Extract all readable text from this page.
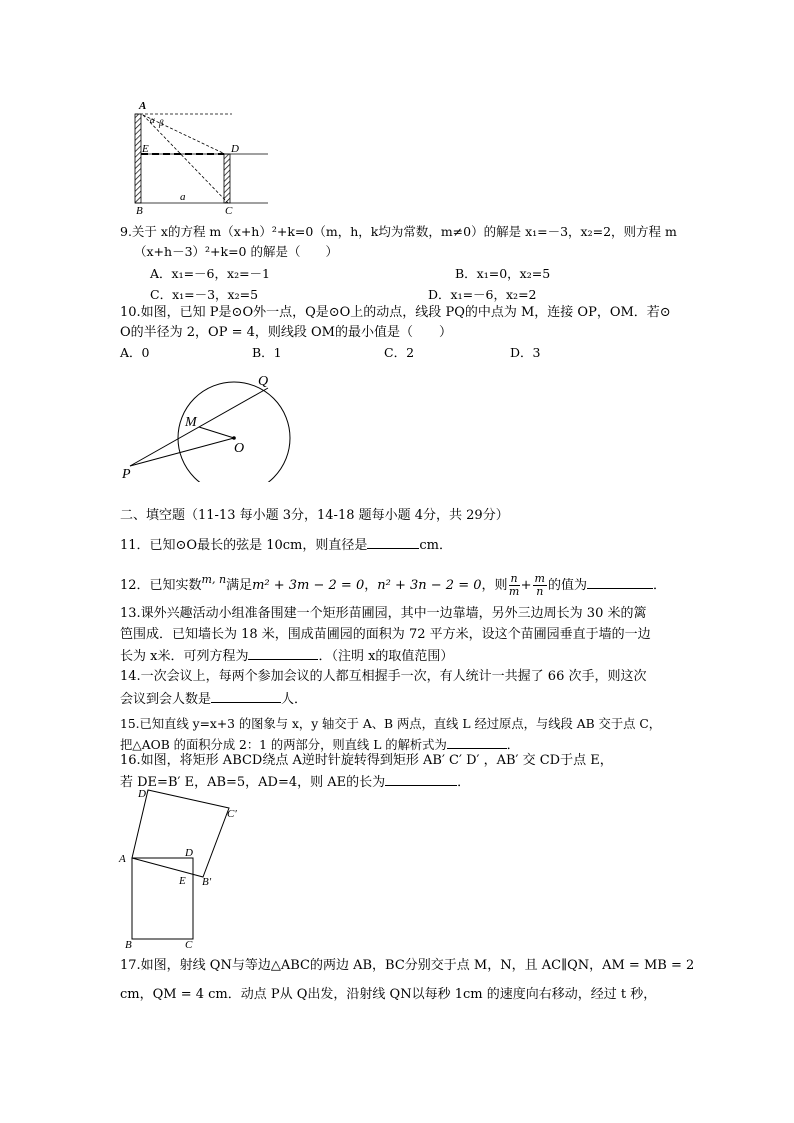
A
α β
E	D
a
B	C
9.关于 x的方程 m（x+h）²+k=0（m，h，k均为常数，m≠0）的解是 x₁=－3，x₂=2，则方程 m
（x+h－3）²+k=0 的解是（　　）
A．x₁=－6，x₂=－1	B．x₁=0，x₂=5
C．x₁=－3，x₂=5	D．x₁=－6，x₂=2
10.如图，已知 P是⊙O外一点，Q是⊙O上的动点，线段 PQ的中点为 M，连接 OP，OM．若⊙
O的半径为 2，OP = 4，则线段 OM的最小值是（　　）
A．0	B．1	C．2	D．3
Q
M
O
P
二、填空题（11-13 每小题 3分，14-18 题每小题 4分，共 29分）
11．已知⊙O最长的弦是 10cm，则直径是	cm．
12．已知实数$^{m, n}$满足m² + 3m − 2 = 0，n² + 3n − 2 = 0，则 $\frac{n}{m} + \frac{m}{n}$ 的值为	．
13.课外兴趣活动小组准备围建一个矩形苗圃园，其中一边靠墙，另外三边周长为 30 米的篱
笆围成．已知墙长为 18 米，围成苗圃园的面积为 72 平方米，设这个苗圃园垂直于墙的一边
长为 x米．可列方程为	．（注明 x的取值范围）
14.一次会议上，每两个参加会议的人都互相握手一次，有人统计一共握了 66 次手，则这次
会议到会人数是	人．
15.已知直线 y=x+3 的图象与 x，y 轴交于 A、B 两点，直线 L 经过原点，与线段 AB 交于点 C，
把△AOB 的面积分成 2：1 的两部分，则直线 L 的解析式为	．
16.如图，将矩形 ABCD绕点 A逆时针旋转得到矩形 AB′ C′ D′ ，AB′ 交 CD于点 E，
若 DE=B′ E，AB=5，AD=4，则 AE的长为	．
D′
C′
A	D
E B′
B	C
17.如图，射线 QN与等边△ABC的两边 AB，BC分别交于点 M，N，且 AC∥QN，AM = MB = 2
cm，QM = 4 cm．动点 P从 Q出发，沿射线 QN以每秒 1cm 的速度向右移动，经过 t 秒，
